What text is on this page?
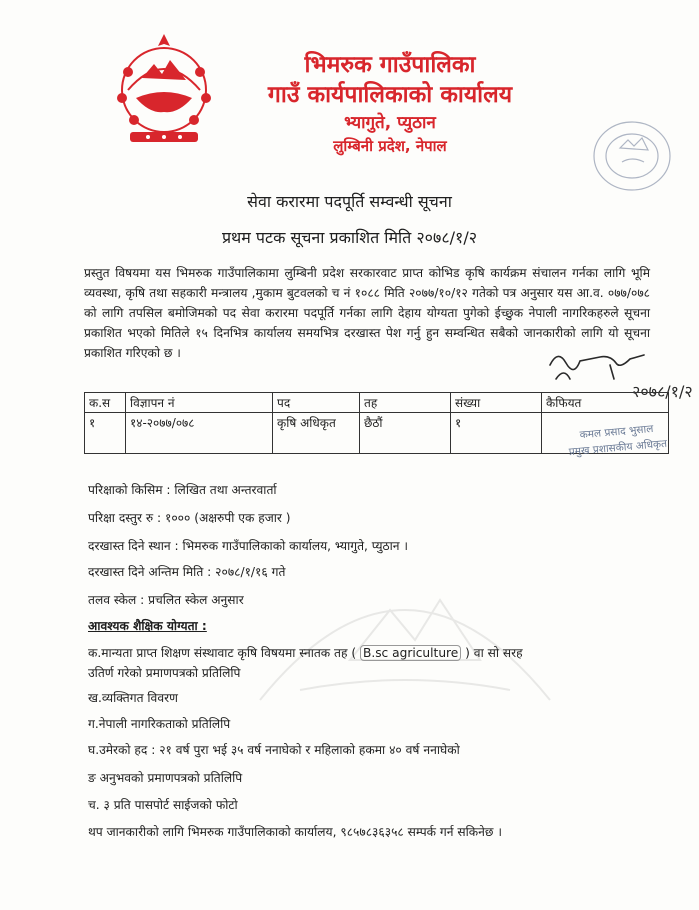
भिमरुक गाउँपालिका
गाउँ कार्यपालिकाको कार्यालय
भ्यागुते, प्युठान
लुम्बिनी प्रदेश, नेपाल
सेवा करारमा पदपूर्ति सम्वन्धी सूचना
प्रथम पटक सूचना प्रकाशित मिति २०७८/१/२
प्रस्तुत विषयमा यस भिमरुक गाउँपालिकामा लुम्बिनी प्रदेश सरकारवाट प्राप्त कोभिड कृषि कार्यक्रम संचालन गर्नका लागि भूमि व्यवस्था, कृषि तथा सहकारी मन्त्रालय ,मुकाम बुटवलको च नं १०८८ मिति २०७७/१०/१२ गतेको पत्र अनुसार यस आ.व. ०७७/०७८ को लागि तपसिल बमोजिमको पद सेवा करारमा पदपूर्ति गर्नका लागि देहाय योग्यता पुगेको ईच्छुक नेपाली नागरिकहरुले सूचना प्रकाशित भएको मितिले १५ दिनभित्र कार्यालय समयभित्र दरखास्त पेश गर्नु हुन सम्वन्धित सबैको जानकारीको लागि यो सूचना प्रकाशित गरिएको छ ।
२०७८/१/२
क.स	विज्ञापन नं	पद	तह	संख्या	कैफियत
१	१४-२०७७/०७८	कृषि अधिकृत	छैठौं	१		कमल प्रसाद भुसाल
प्रमुख प्रशासकीय अधिकृत
परिक्षाको किसिम : लिखित तथा अन्तरवार्ता
परिक्षा दस्तुर रु : १००० (अक्षरुपी एक हजार )
दरखास्त दिने स्थान : भिमरुक गाउँपालिकाको कार्यालय, भ्यागुते, प्युठान ।
दरखास्त दिने अन्तिम मिति : २०७८/१/१६ गते
तलव स्केल : प्रचलित स्केल अनुसार
आवश्यक शैक्षिक योग्यता :
क.मान्यता प्राप्त शिक्षण संस्थावाट कृषि विषयमा स्नातक तह ( B.sc agriculture ) वा सो सरह उतिर्ण गरेको प्रमाणपत्रको प्रतिलिपि
ख.व्यक्तिगत विवरण
ग.नेपाली नागरिकताको प्रतिलिपि
घ.उमेरको हद : २१ वर्ष पुरा भई ३५ वर्ष ननाघेको र महिलाको हकमा ४० वर्ष ननाघेको
ङ अनुभवको प्रमाणपत्रको प्रतिलिपि
च. ३ प्रति पासपोर्ट साईजको फोटो
थप जानकारीको लागि भिमरुक गाउँपालिकाको कार्यालय, ९८५७८३६३५८ सम्पर्क गर्न सकिनेछ ।
